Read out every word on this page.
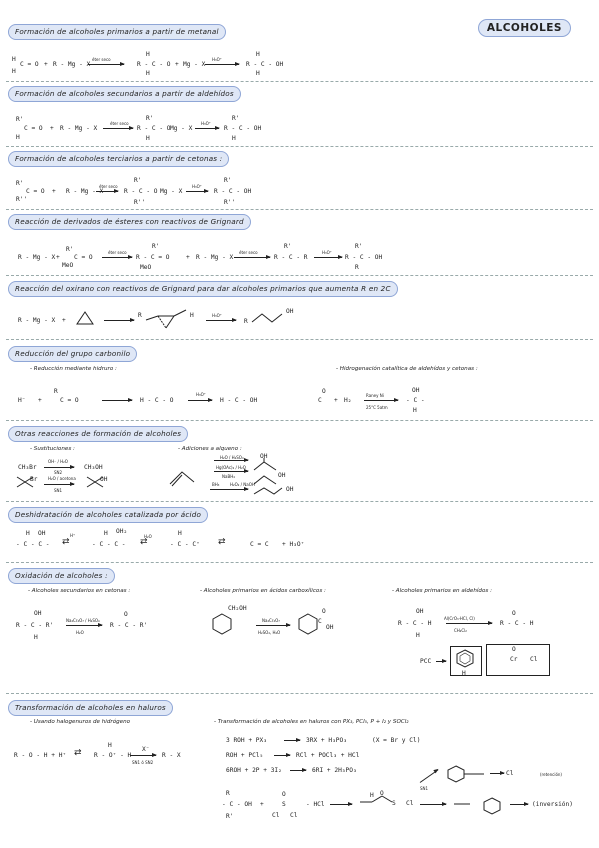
ALCOHOLES
Formación de alcoholes primarios a partir de metanal
H
H
C = O + R - Mg - X
éter seco
R - C - O
H
H
+ Mg - X
H₃O⁺
R - C - OH
H
H
Formación de alcoholes secundarios a partir de aldehídos
R'
H
C = O + R - Mg - X
éter seco
R - C - O
R'
H
Mg - X
H₃O⁺
R - C - OH
R'
H
Formación de alcoholes terciarios a partir de cetonas :
R'
R''
C = O + R - Mg - X
éter seco
R - C - O
R'
R''
Mg - X
H₃O⁺
R - C - OH
R'
R''
Reacción de derivados de ésteres con reactivos de Grignard
R - Mg - X +
R'
C = O
MeO
éter seco
R - C = O
MeO
R'
+ R - Mg - X
éter seco
R - C - R
R'
H₃O⁺
R - C - OH
R'
R
Reacción del oxirano con reactivos de Grignard para dar alcoholes primarios que aumenta R en 2C
R - Mg - X +
R	H	H₃O⁺
R
OH
Reducción del grupo carbonilo
- Reducción mediante hidruro :	- Hidrogenación catalítica de aldehídos y cetonas :
H⁻ +
R
C = O	H - C - O
H₃O⁺
H - C - OH	C
O
+ H₂
Raney Ni
25°C 5atm
OH
- C -
H
Otras reacciones de formación de alcoholes
- Sustituciones :	- Adiciones a alqueno :
CH₃Br
OH⁻ / H₂O
SN2
CH₃OH
Br	H₂O / acetona
SN1
OH
H₂O / H₂SO₄
Hg(OAc)₂ / H₂O
NaBH₄
BH₃	H₂O₂ / NaOH
OH
OH
OH
Deshidratación de alcoholes catalizada por ácido
H OH
- C - C -
H⁺
⇄
H OH₂
- C - C -
H₂O
⇄
H
- C - C⁺ ⇄	C = C + H₃O⁺
Oxidación de alcoholes :
- Alcoholes secundarios en cetonas :	- Alcoholes primarios en ácidos carboxílicos :	- Alcoholes primarios en aldehídos :
OH
R - C - R'
H
Na₂Cr₂O₇ / H₂SO₄
H₂O
O
R - C - R'
CH₂OH
Na₂Cr₂O₇
H₂SO₄, H₂O
O
C
OH
OH
R - C - H
H
Al(CrO₃·HCl, Cl)
CH₂Cl₂
O
R - C - H
PCC
H
O
Cr Cl
Transformación de alcoholes en haluros
- Usando halogenuros de hidrógeno	- Transformación de alcoholes en haluros con PX₃, PCl₅, P + I₂ y SOCl₂
R - O - H + H⁺ ⇄
H
R - O⁺ - H
X⁻
SN1 ó SN2
R - X
3 ROH + PX₃	3RX + H₃PO₃	(X = Br y Cl)
ROH + PCl₅	RCl + POCl₃ + HCl
6ROH + 2P + 3I₂	6RI + 2H₃PO₃
R
- C - OH
R'
+
O
S
Cl Cl
- HCl
H O
S Cl
SN1
Cl	(retención)
(inversión)
